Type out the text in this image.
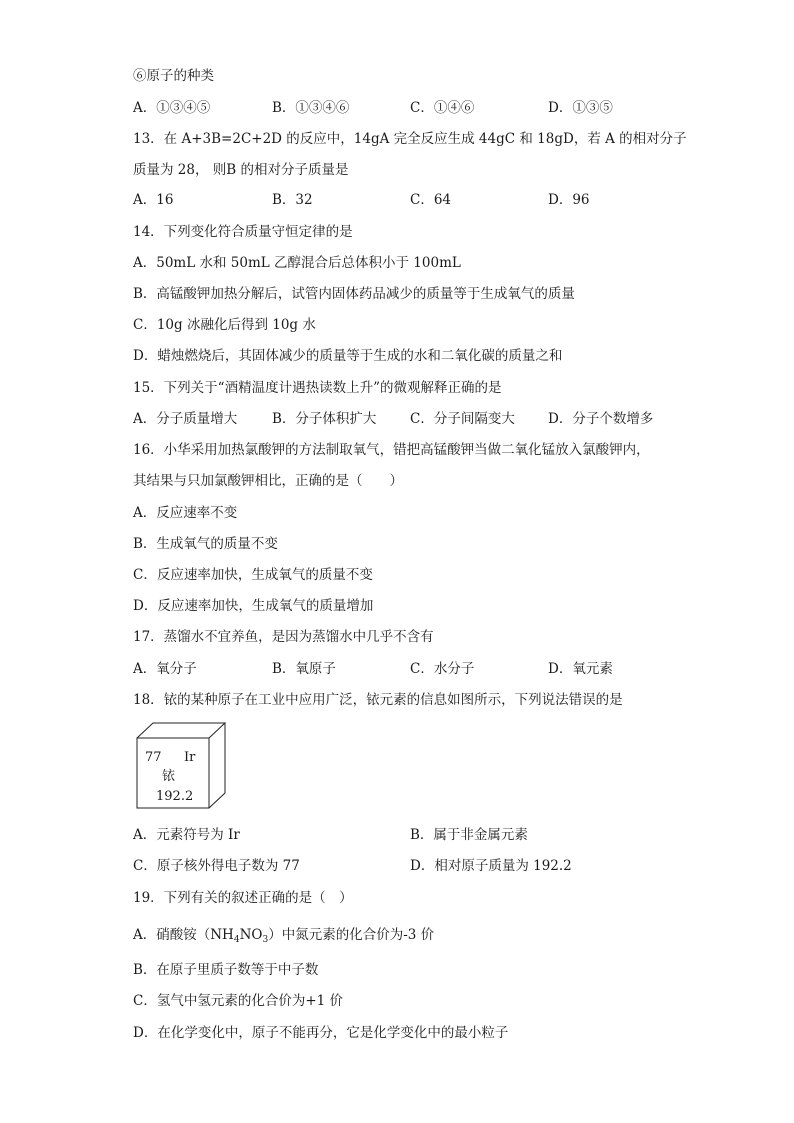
⑥原子的种类
A．①③④⑤	B．①③④⑥	C．①④⑥	D．①③⑤
13．在 A+3B=2C+2D 的反应中，14gA 完全反应生成 44gC 和 18gD，若 A 的相对分子
质量为 28， 则B 的相对分子质量是
A．16	B．32	C．64	D．96
14．下列变化符合质量守恒定律的是
A．50mL 水和 50mL 乙醇混合后总体积小于 100mL
B．高锰酸钾加热分解后，试管内固体药品减少的质量等于生成氧气的质量
C．10g 冰融化后得到 10g 水
D．蜡烛燃烧后，其固体减少的质量等于生成的水和二氧化碳的质量之和
15．下列关于“酒精温度计遇热读数上升”的微观解释正确的是
A．分子质量增大	B．分子体积扩大 C．分子间隔变大 D．分子个数增多
16．小华采用加热氯酸钾的方法制取氧气，错把高锰酸钾当做二氧化锰放入氯酸钾内，
其结果与只加氯酸钾相比，正确的是（　　）
A．反应速率不变
B．生成氧气的质量不变
C．反应速率加快，生成氧气的质量不变
D．反应速率加快，生成氧气的质量增加
17．蒸馏水不宜养鱼，是因为蒸馏水中几乎不含有
A．氧分子	B．氧原子	C．水分子	D．氧元素
18．铱的某种原子在工业中应用广泛，铱元素的信息如图所示，下列说法错误的是
77 Ir
铱
192.2
A．元素符号为 Ir	B．属于非金属元素
C．原子核外得电子数为 77	D．相对原子质量为 192.2
19．下列有关的叙述正确的是（　）
A．硝酸铵$(NH_4NO_3)$中氮元素的化合价为-3 价
B．在原子里质子数等于中子数
C．氢气中氢元素的化合价为+1 价
D．在化学变化中，原子不能再分，它是化学变化中的最小粒子
